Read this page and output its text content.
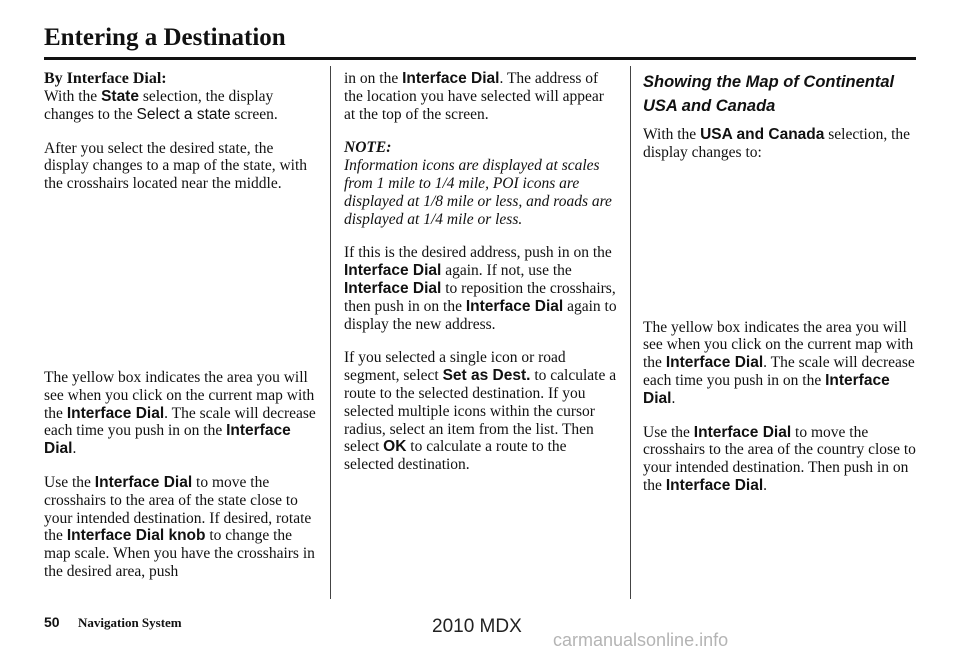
Entering a Destination

By Interface Dial:

With the State selection, the display changes to the Select a state screen.

After you select the desired state, the display changes to a map of the state, with the crosshairs located near the middle.

The yellow box indicates the area you will see when you click on the current map with the Interface Dial. The scale will decrease each time you push in on the Interface Dial.

Use the Interface Dial to move the crosshairs to the area of the state close to your intended destination. If desired, rotate the Interface Dial knob to change the map scale. When you have the crosshairs in the desired area, push

in on the Interface Dial. The address of the location you have selected will appear at the top of the screen.

NOTE:

Information icons are displayed at scales from 1 mile to 1/4 mile, POI icons are displayed at 1/8 mile or less, and roads are displayed at 1/4 mile or less.

If this is the desired address, push in on the Interface Dial again. If not, use the Interface Dial to reposition the crosshairs, then push in on the Interface Dial again to display the new address.

If you selected a single icon or road segment, select Set as Dest. to calculate a route to the selected destination. If you selected multiple icons within the cursor radius, select an item from the list. Then select OK to calculate a route to the selected destination.

Showing the Map of Continental USA and Canada

With the USA and Canada selection, the display changes to:

The yellow box indicates the area you will see when you click on the current map with the Interface Dial. The scale will decrease each time you push in on the Interface Dial.

Use the Interface Dial to move the crosshairs to the area of the country close to your intended destination. Then push in on the Interface Dial.

50 Navigation System	2010 MDX
carmanualsonline.info
